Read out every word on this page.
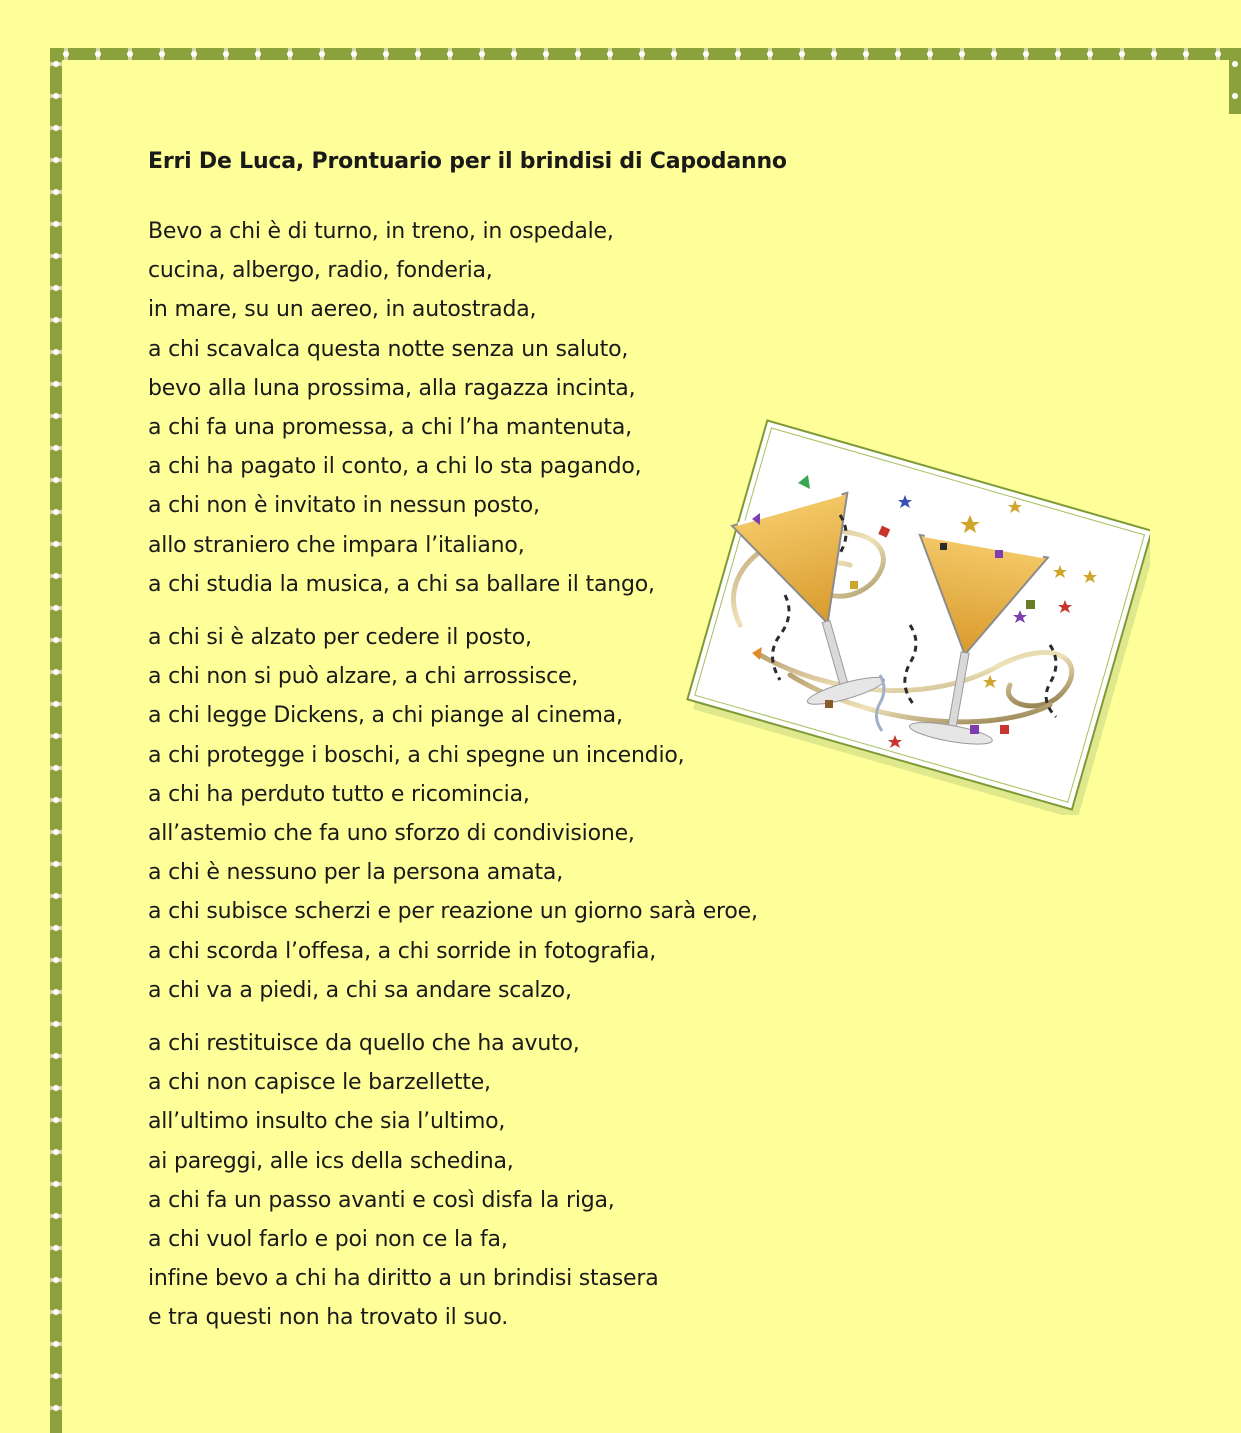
Erri De Luca, Prontuario per il brindisi di Capodanno
Bevo a chi è di turno, in treno, in ospedale,
cucina, albergo, radio, fonderia,
in mare, su un aereo, in autostrada,
a chi scavalca questa notte senza un saluto,
bevo alla luna prossima, alla ragazza incinta,
a chi fa una promessa, a chi l’ha mantenuta,
a chi ha pagato il conto, a chi lo sta pagando,
a chi non è invitato in nessun posto,
allo straniero che impara l’italiano,
a chi studia la musica, a chi sa ballare il tango,
a chi si è alzato per cedere il posto,
a chi non si può alzare, a chi arrossisce,
a chi legge Dickens, a chi piange al cinema,
a chi protegge i boschi, a chi spegne un incendio,
a chi ha perduto tutto e ricomincia,
all’astemio che fa uno sforzo di condivisione,
a chi è nessuno per la persona amata,
a chi subisce scherzi e per reazione un giorno sarà eroe,
a chi scorda l’offesa, a chi sorride in fotografia,
a chi va a piedi, a chi sa andare scalzo,
a chi restituisce da quello che ha avuto,
a chi non capisce le barzellette,
all’ultimo insulto che sia l’ultimo,
ai pareggi, alle ics della schedina,
a chi fa un passo avanti e così disfa la riga,
a chi vuol farlo e poi non ce la fa,
infine bevo a chi ha diritto a un brindisi stasera
e tra questi non ha trovato il suo.
